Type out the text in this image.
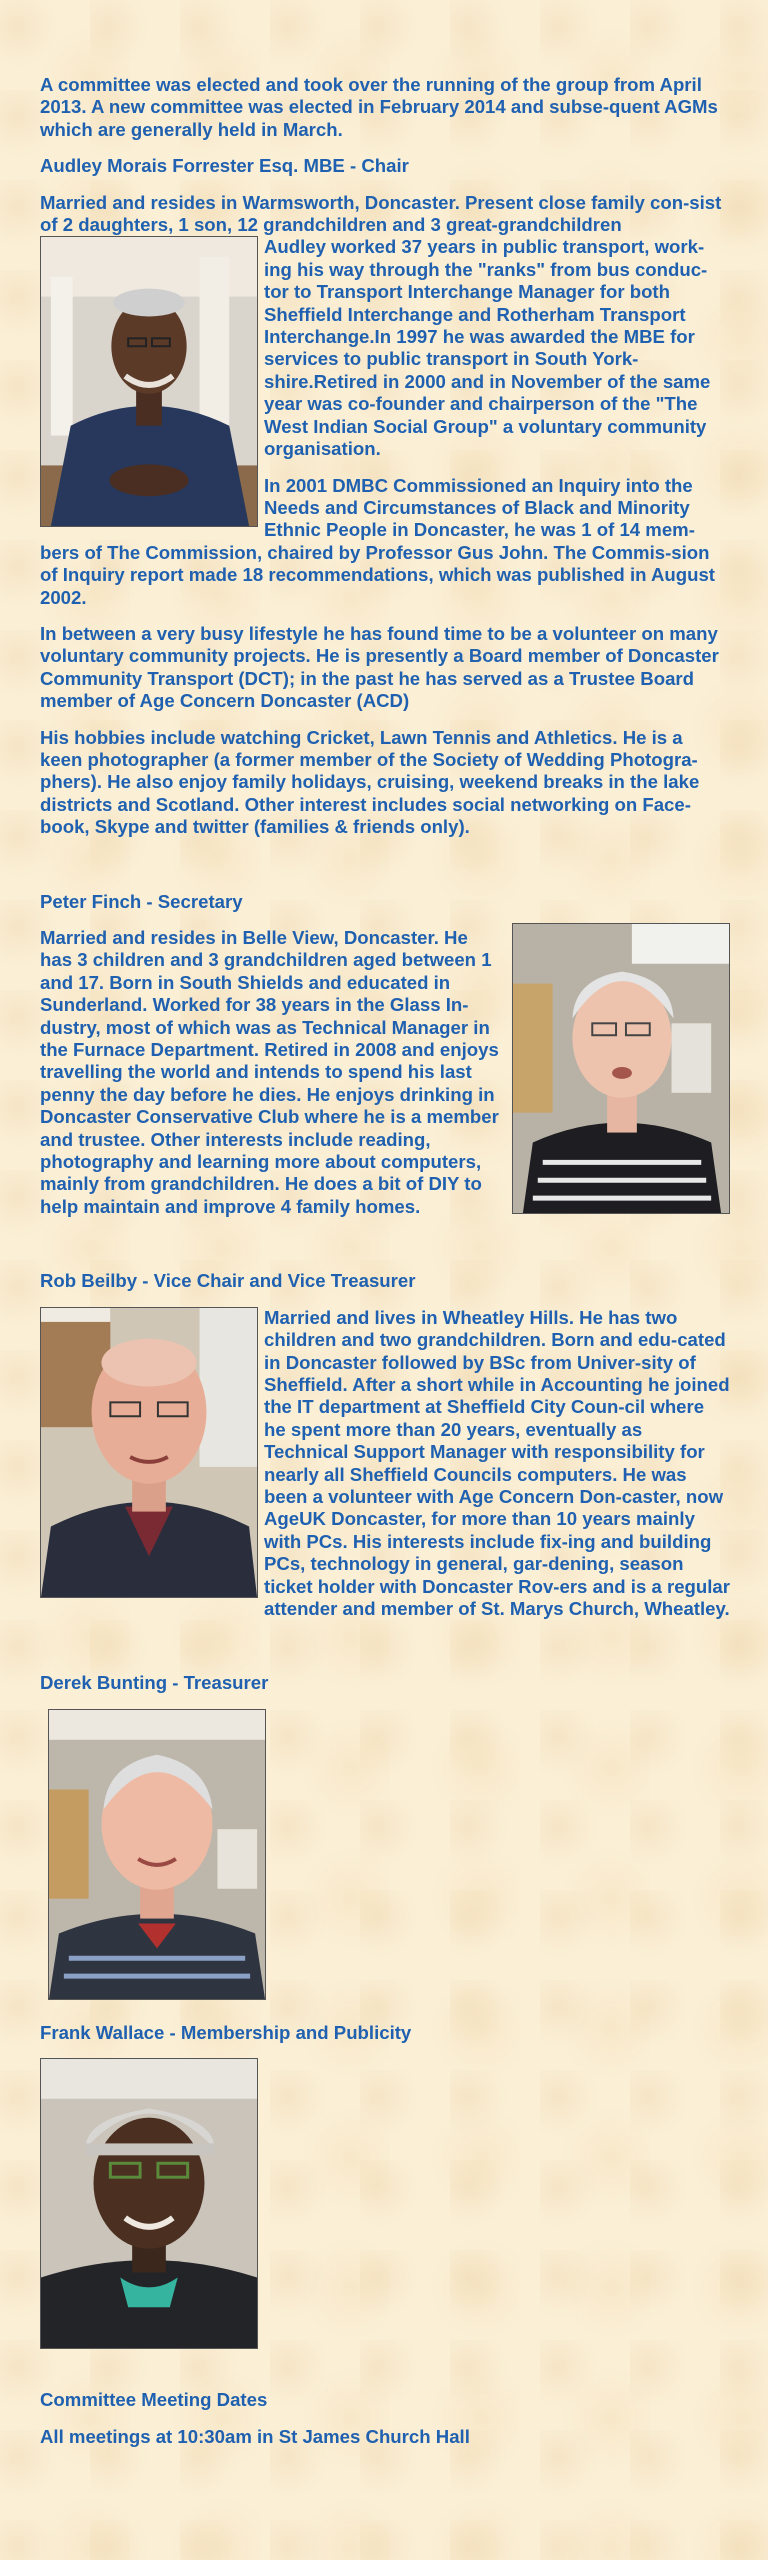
A committee was elected and took over the running of the group from April 2013. A new committee was elected in February 2014 and subse-quent AGMs which are generally held in March.

Audley Morais Forrester Esq. MBE - Chair

Married and resides in Warmsworth, Doncaster. Present close family con-sist of 2 daughters, 1 son, 12 grandchildren and 3 great-grandchildren

Audley worked 37 years in public transport, work-ing his way through the "ranks" from bus conduc-tor to Transport Interchange Manager for both Sheffield Interchange and Rotherham Transport Interchange.In 1997 he was awarded the MBE for services to public transport in South York-shire.Retired in 2000 and in November of the same year was co-founder and chairperson of the "The West Indian Social Group" a voluntary community organisation.

In 2001 DMBC Commissioned an Inquiry into the Needs and Circumstances of Black and Minority Ethnic People in Doncaster, he was 1 of 14 mem-bers of The Commission, chaired by Professor Gus John. The Commis-sion of Inquiry report made 18 recommendations, which was published in August 2002.

In between a very busy lifestyle he has found time to be a volunteer on many voluntary community projects. He is presently a Board member of Doncaster Community Transport (DCT); in the past he has served as a Trustee Board member of Age Concern Doncaster (ACD)

His hobbies include watching Cricket, Lawn Tennis and Athletics. He is a keen photographer (a former member of the Society of Wedding Photogra-phers). He also enjoy family holidays, cruising, weekend breaks in the lake districts and Scotland. Other interest includes social networking on Face-book, Skype and twitter (families & friends only).

Peter Finch - Secretary

Married and resides in Belle View, Doncaster. He has 3 children and 3 grandchildren aged between 1 and 17. Born in South Shields and educated in Sunderland. Worked for 38 years in the Glass In-dustry, most of which was as Technical Manager in the Furnace Department. Retired in 2008 and enjoys travelling the world and intends to spend his last penny the day before he dies. He enjoys drinking in Doncaster Conservative Club where he is a member and trustee. Other interests include reading, photography and learning more about computers, mainly from grandchildren. He does a bit of DIY to help maintain and improve 4 family homes.

Rob Beilby - Vice Chair and Vice Treasurer

Married and lives in Wheatley Hills. He has two children and two grandchildren. Born and edu-cated in Doncaster followed by BSc from Univer-sity of Sheffield. After a short while in Accounting he joined the IT department at Sheffield City Coun-cil where he spent more than 20 years, eventually as Technical Support Manager with responsibility for nearly all Sheffield Councils computers. He was been a volunteer with Age Concern Don-caster, now AgeUK Doncaster, for more than 10 years mainly with PCs. His interests include fix-ing and building PCs, technology in general, gar-dening, season ticket holder with Doncaster Rov-ers and is a regular attender and member of St. Marys Church, Wheatley.

Derek Bunting - Treasurer

Frank Wallace - Membership and Publicity

Committee Meeting Dates

All meetings at 10:30am in St James Church Hall
